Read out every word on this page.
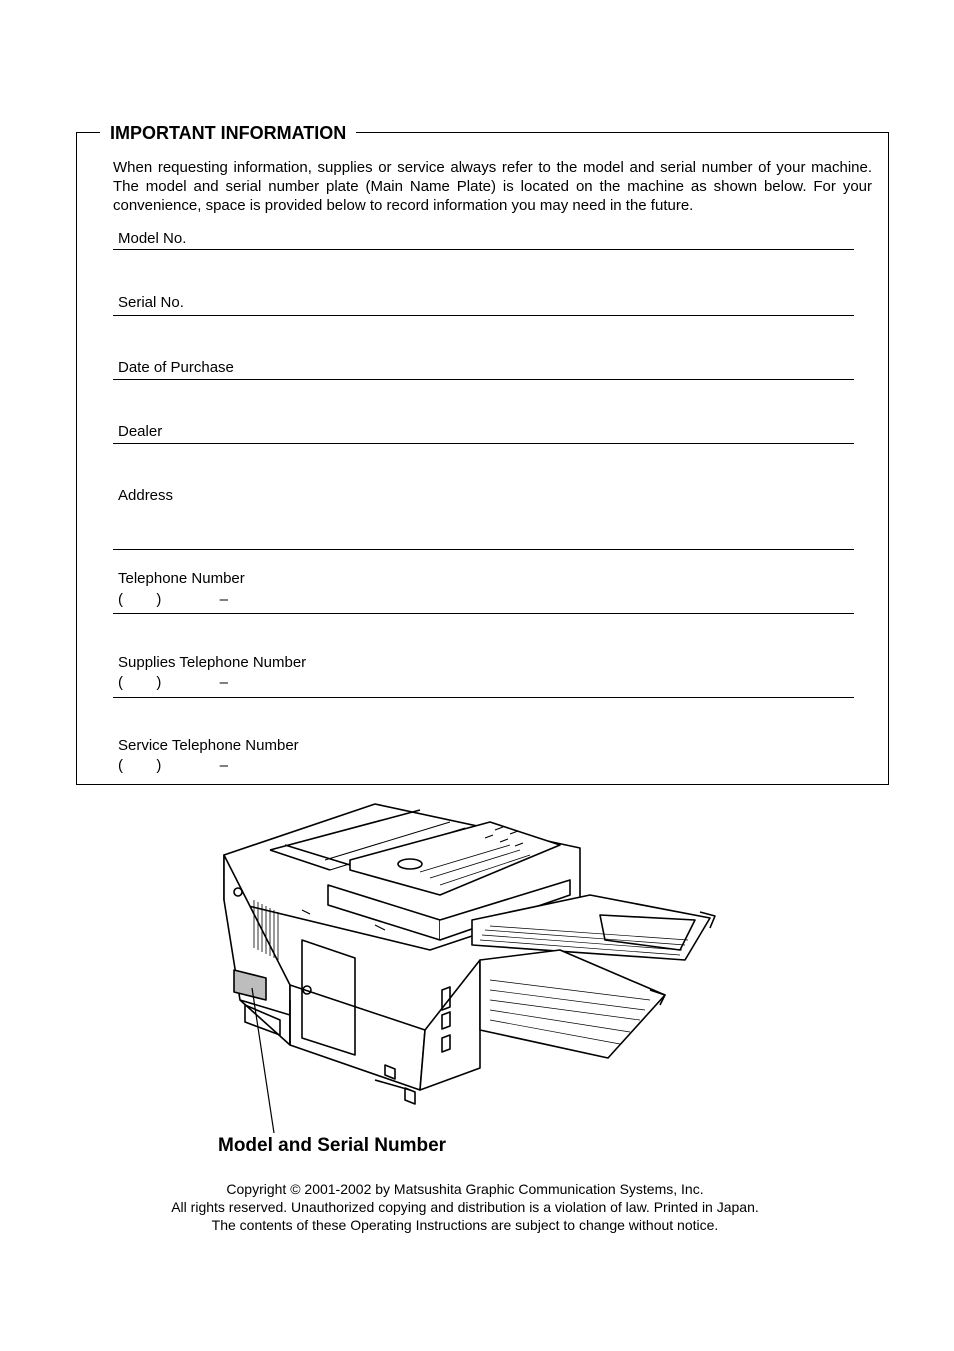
IMPORTANT INFORMATION
When requesting information, supplies or service always refer to the model and serial number of your machine. The model and serial number plate (Main Name Plate) is located on the machine as shown below. For your convenience, space is provided below to record information you may need in the future.
Model No.
Serial No.
Date of Purchase
Dealer
Address
Telephone Number
(        )              –
Supplies Telephone Number
(        )              –
Service Telephone Number
(        )              –
Model and Serial Number
Copyright © 2001-2002 by Matsushita Graphic Communication Systems, Inc.
All rights reserved. Unauthorized copying and distribution is a violation of law. Printed in Japan.
The contents of these Operating Instructions are subject to change without notice.
